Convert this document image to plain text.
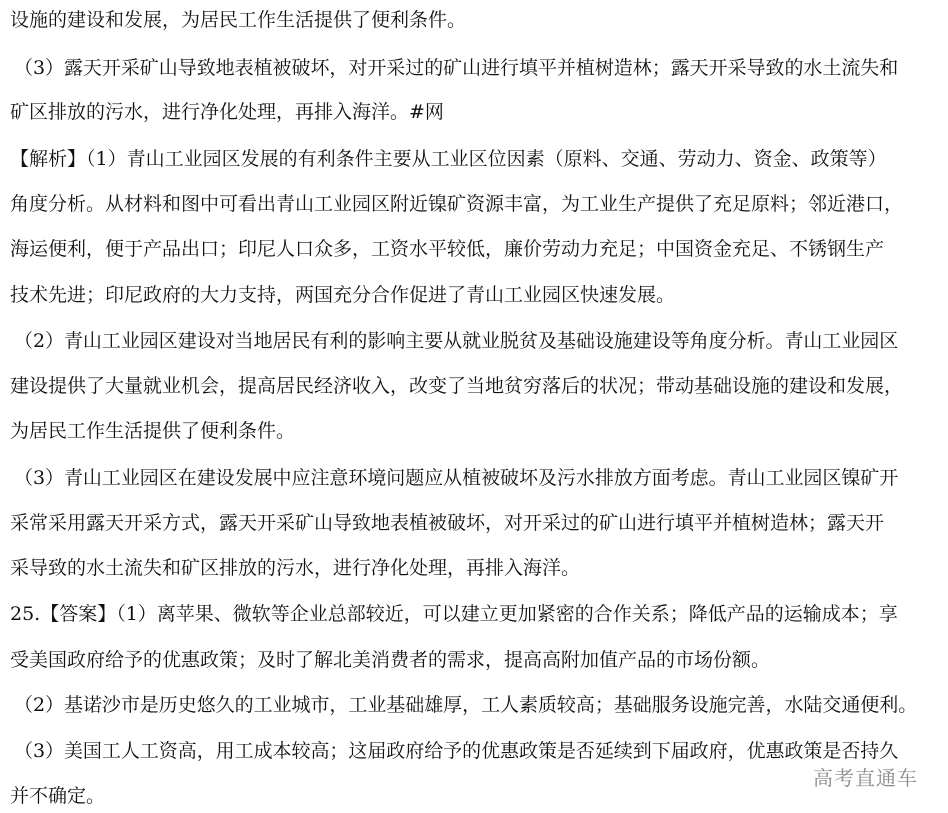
设施的建设和发展，为居民工作生活提供了便利条件。
（3）露天开采矿山导致地表植被破坏，对开采过的矿山进行填平并植树造林；露天开采导致的水土流失和
矿区排放的污水，进行净化处理，再排入海洋。#网
【解析】（1）青山工业园区发展的有利条件主要从工业区位因素（原料、交通、劳动力、资金、政策等）
角度分析。从材料和图中可看出青山工业园区附近镍矿资源丰富，为工业生产提供了充足原料；邻近港口，
海运便利，便于产品出口；印尼人口众多，工资水平较低，廉价劳动力充足；中国资金充足、不锈钢生产
技术先进；印尼政府的大力支持，两国充分合作促进了青山工业园区快速发展。
（2）青山工业园区建设对当地居民有利的影响主要从就业脱贫及基础设施建设等角度分析。青山工业园区
建设提供了大量就业机会，提高居民经济收入，改变了当地贫穷落后的状况；带动基础设施的建设和发展，
为居民工作生活提供了便利条件。
（3）青山工业园区在建设发展中应注意环境问题应从植被破坏及污水排放方面考虑。青山工业园区镍矿开
采常采用露天开采方式，露天开采矿山导致地表植被破坏，对开采过的矿山进行填平并植树造林；露天开
采导致的水土流失和矿区排放的污水，进行净化处理，再排入海洋。
25.【答案】（1）离苹果、微软等企业总部较近，可以建立更加紧密的合作关系；降低产品的运输成本；享
受美国政府给予的优惠政策；及时了解北美消费者的需求，提高高附加值产品的市场份额。
（2）基诺沙市是历史悠久的工业城市，工业基础雄厚，工人素质较高；基础服务设施完善，水陆交通便利。
（3）美国工人工资高，用工成本较高；这届政府给予的优惠政策是否延续到下届政府，优惠政策是否持久
并不确定。
高考直通车
